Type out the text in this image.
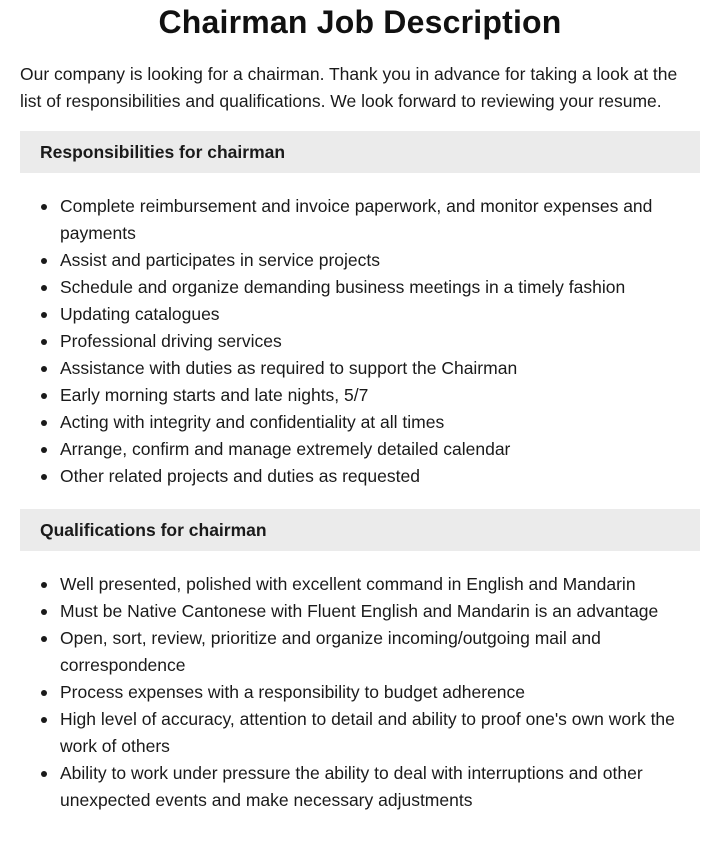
Chairman Job Description

Our company is looking for a chairman. Thank you in advance for taking a look at the list of responsibilities and qualifications. We look forward to reviewing your resume.

Responsibilities for chairman
Complete reimbursement and invoice paperwork, and monitor expenses and payments
Assist and participates in service projects
Schedule and organize demanding business meetings in a timely fashion
Updating catalogues
Professional driving services
Assistance with duties as required to support the Chairman
Early morning starts and late nights, 5/7
Acting with integrity and confidentiality at all times
Arrange, confirm and manage extremely detailed calendar
Other related projects and duties as requested
Qualifications for chairman
Well presented, polished with excellent command in English and Mandarin
Must be Native Cantonese with Fluent English and Mandarin is an advantage
Open, sort, review, prioritize and organize incoming/outgoing mail and correspondence
Process expenses with a responsibility to budget adherence
High level of accuracy, attention to detail and ability to proof one's own work the work of others
Ability to work under pressure the ability to deal with interruptions and other unexpected events and make necessary adjustments
